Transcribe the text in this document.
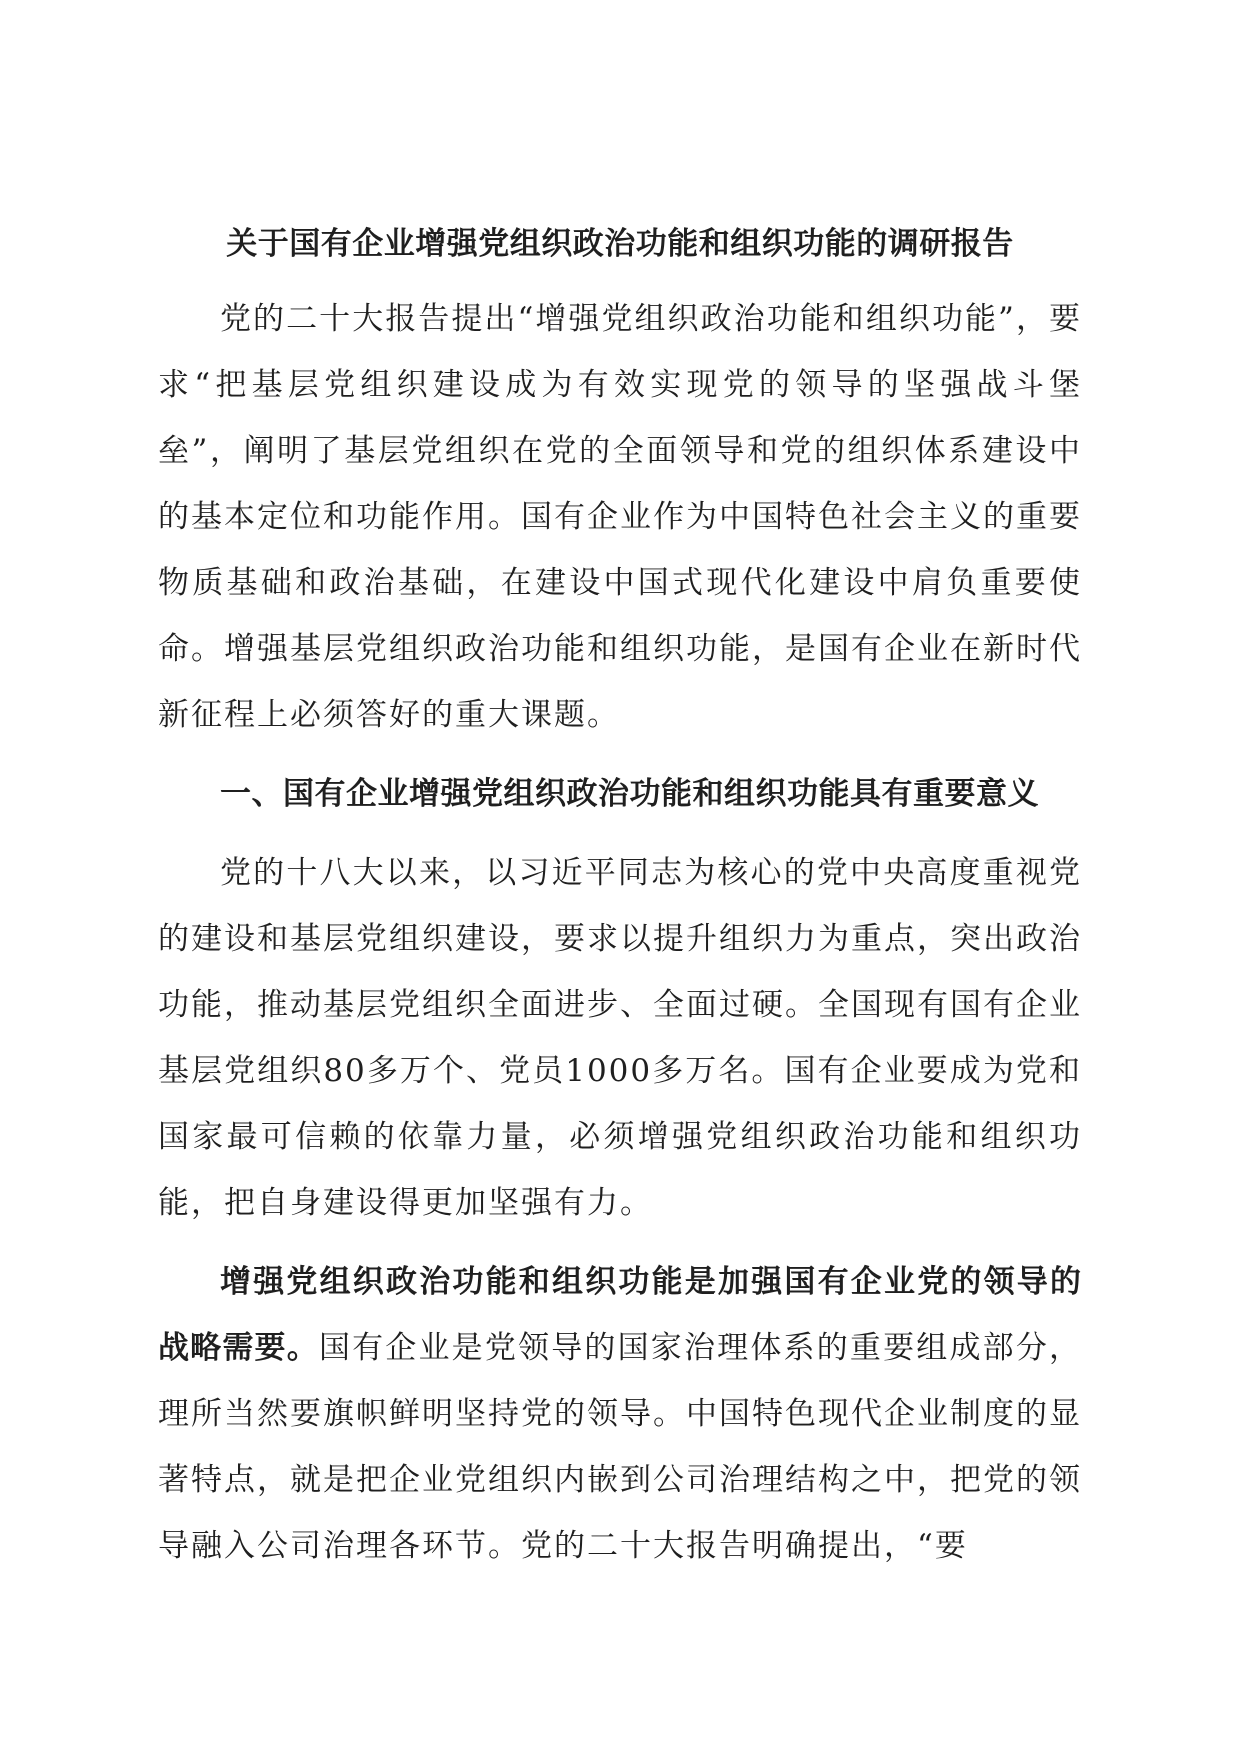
关于国有企业增强党组织政治功能和组织功能的调研报告

党的二十大报告提出“增强党组织政治功能和组织功能”，要求“把基层党组织建设成为有效实现党的领导的坚强战斗堡垒”，阐明了基层党组织在党的全面领导和党的组织体系建设中的基本定位和功能作用。国有企业作为中国特色社会主义的重要物质基础和政治基础，在建设中国式现代化建设中肩负重要使命。增强基层党组织政治功能和组织功能，是国有企业在新时代新征程上必须答好的重大课题。

一、国有企业增强党组织政治功能和组织功能具有重要意义

党的十八大以来，以习近平同志为核心的党中央高度重视党的建设和基层党组织建设，要求以提升组织力为重点，突出政治功能，推动基层党组织全面进步、全面过硬。全国现有国有企业基层党组织80多万个、党员1000多万名。国有企业要成为党和国家最可信赖的依靠力量，必须增强党组织政治功能和组织功能，把自身建设得更加坚强有力。

增强党组织政治功能和组织功能是加强国有企业党的领导的战略需要。国有企业是党领导的国家治理体系的重要组成部分，理所当然要旗帜鲜明坚持党的领导。中国特色现代企业制度的显著特点，就是把企业党组织内嵌到公司治理结构之中，把党的领导融入公司治理各环节。党的二十大报告明确提出，“要
